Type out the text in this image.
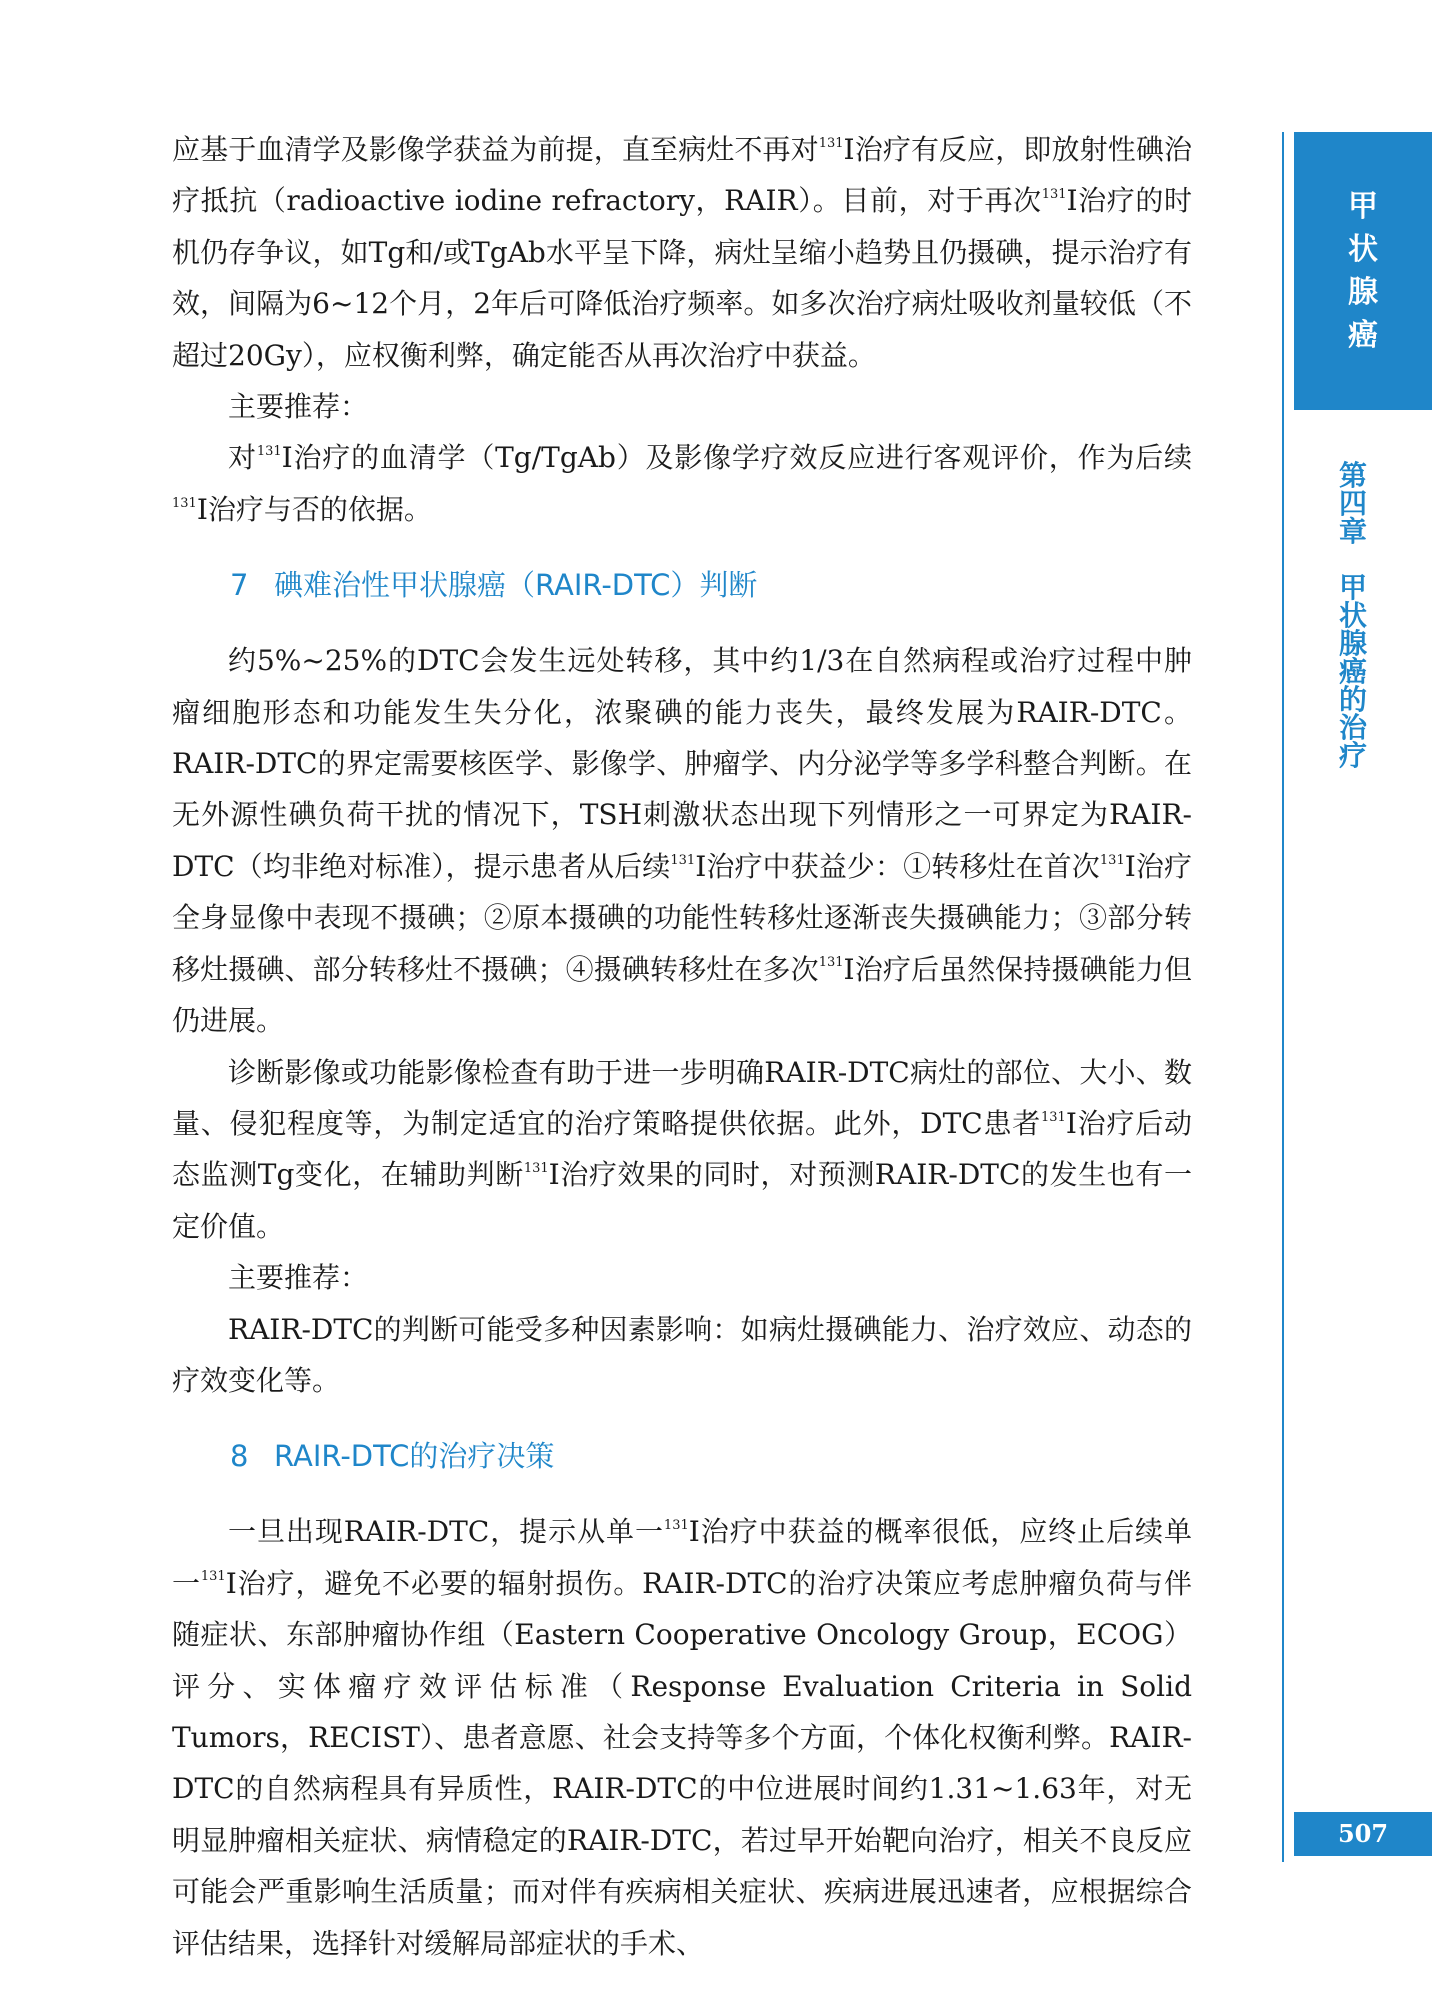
应基于血清学及影像学获益为前提，直至病灶不再对$^{131}$I治疗有反应，即放射性碘治疗抵抗（radioactive iodine refractory，RAIR）。目前，对于再次$^{131}$I治疗的时机仍存争议，如Tg和/或TgAb水平呈下降，病灶呈缩小趋势且仍摄碘，提示治疗有效，间隔为6~12个月，2年后可降低治疗频率。如多次治疗病灶吸收剂量较低（不超过20Gy），应权衡利弊，确定能否从再次治疗中获益。

主要推荐：

对$^{131}$I治疗的血清学（Tg/TgAb）及影像学疗效反应进行客观评价，作为后续$^{131}$I治疗与否的依据。

7 碘难治性甲状腺癌（RAIR-DTC）判断

约5%~25%的DTC会发生远处转移，其中约1/3在自然病程或治疗过程中肿瘤细胞形态和功能发生失分化，浓聚碘的能力丧失，最终发展为RAIR-DTC。RAIR-DTC的界定需要核医学、影像学、肿瘤学、内分泌学等多学科整合判断。在无外源性碘负荷干扰的情况下，TSH刺激状态出现下列情形之一可界定为RAIR-DTC（均非绝对标准），提示患者从后续$^{131}$I治疗中获益少：①转移灶在首次$^{131}$I治疗全身显像中表现不摄碘；②原本摄碘的功能性转移灶逐渐丧失摄碘能力；③部分转移灶摄碘、部分转移灶不摄碘；④摄碘转移灶在多次$^{131}$I治疗后虽然保持摄碘能力但仍进展。

诊断影像或功能影像检查有助于进一步明确RAIR-DTC病灶的部位、大小、数量、侵犯程度等，为制定适宜的治疗策略提供依据。此外，DTC患者$^{131}$I治疗后动态监测Tg变化，在辅助判断$^{131}$I治疗效果的同时，对预测RAIR-DTC的发生也有一定价值。

主要推荐：

RAIR-DTC的判断可能受多种因素影响：如病灶摄碘能力、治疗效应、动态的疗效变化等。

8 RAIR-DTC的治疗决策

一旦出现RAIR-DTC，提示从单一$^{131}$I治疗中获益的概率很低，应终止后续单一$^{131}$I治疗，避免不必要的辐射损伤。RAIR-DTC的治疗决策应考虑肿瘤负荷与伴随症状、东部肿瘤协作组（Eastern Cooperative Oncology Group，ECOG）评分、实体瘤疗效评估标准（Response Evaluation Criteria in Solid Tumors，RECIST）、患者意愿、社会支持等多个方面，个体化权衡利弊。RAIR-DTC的自然病程具有异质性，RAIR-DTC的中位进展时间约1.31~1.63年，对无明显肿瘤相关症状、病情稳定的RAIR-DTC，若过早开始靶向治疗，相关不良反应可能会严重影响生活质量；而对伴有疾病相关症状、疾病进展迅速者，应根据综合评估结果，选择针对缓解局部症状的手术、

甲
状
腺
癌
第
四
章
甲
状
腺
癌
的
治
疗
507
